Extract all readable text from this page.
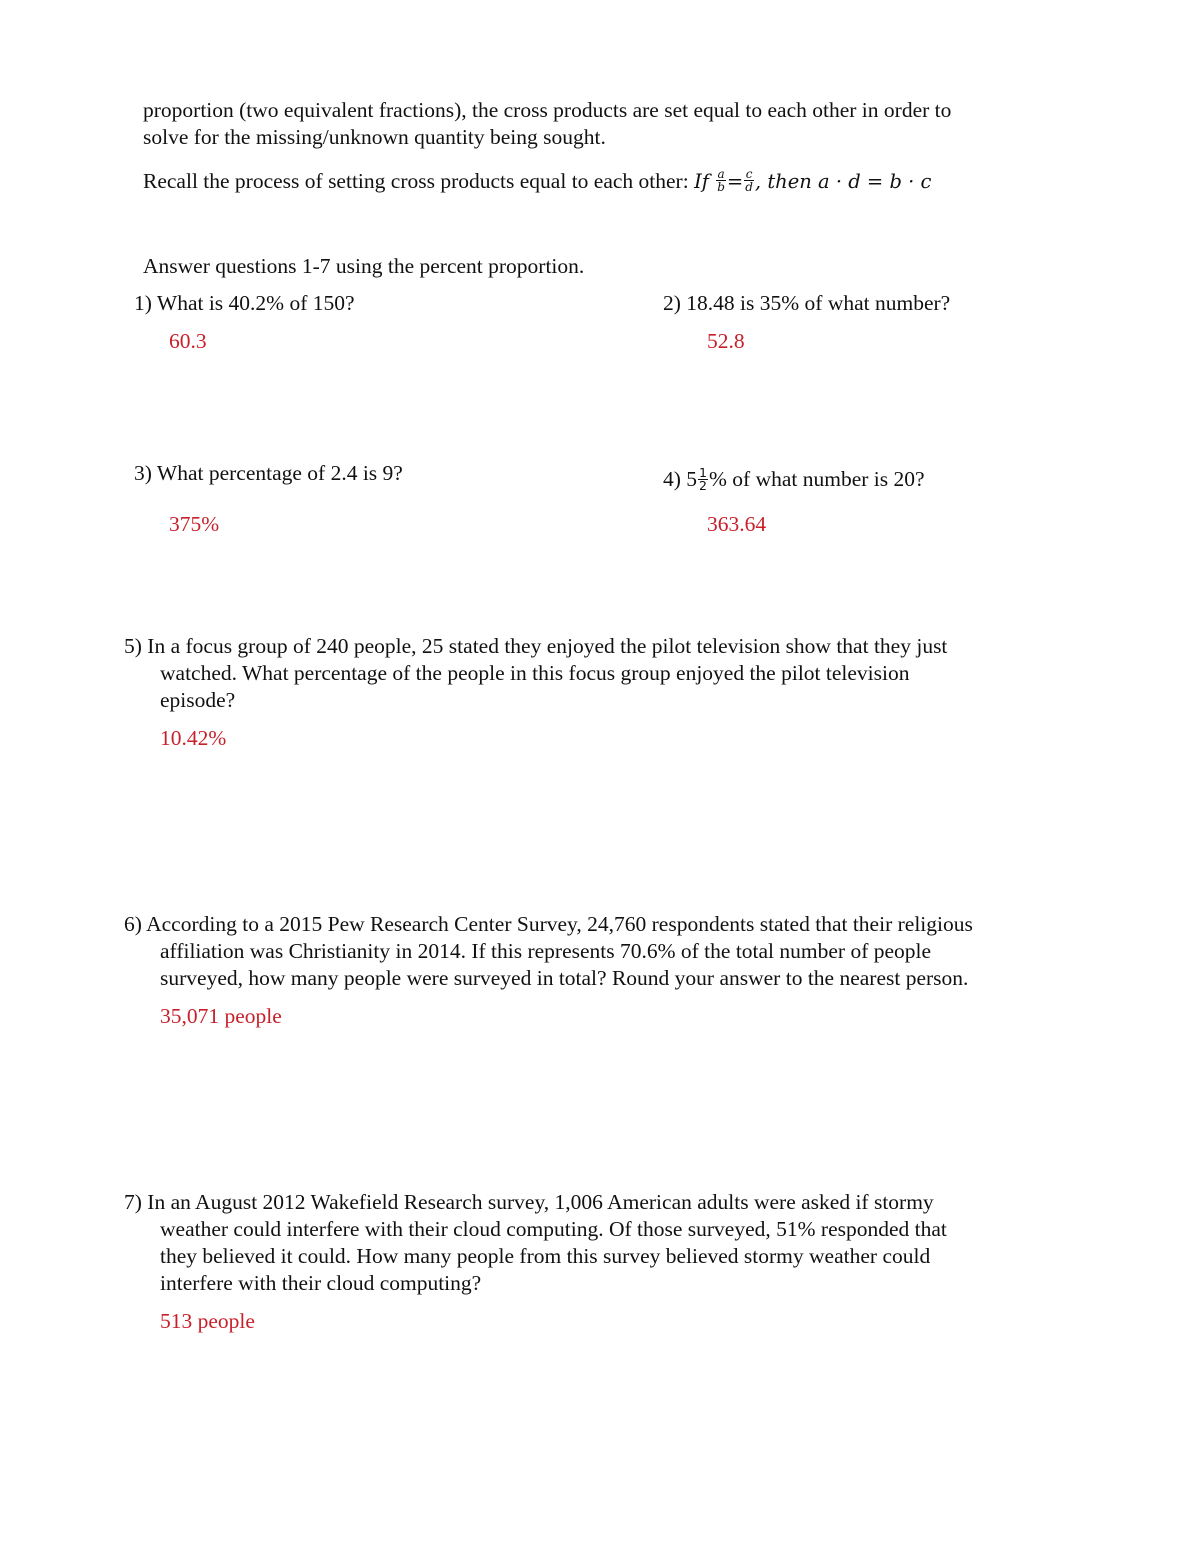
proportion (two equivalent fractions), the cross products are set equal to each other in order to

solve for the missing/unknown quantity being sought.

Recall the process of setting cross products equal to each other: If $\frac{a}{b} = \frac{c}{d}$ , then a · d = b · c

Answer questions 1-7 using the percent proportion.

1) What is 40.2% of 150?

60.3

2) 18.48 is 35% of what number?

52.8

3) What percentage of 2.4 is 9?

375%

4) $5 \frac{1}{2}$ % of what number is 20?

363.64

5) In a focus group of 240 people, 25 stated they enjoyed the pilot television show that they just

watched. What percentage of the people in this focus group enjoyed the pilot television

episode?

10.42%

6) According to a 2015 Pew Research Center Survey, 24,760 respondents stated that their religious

affiliation was Christianity in 2014. If this represents 70.6% of the total number of people

surveyed, how many people were surveyed in total? Round your answer to the nearest person.

35,071 people

7) In an August 2012 Wakefield Research survey, 1,006 American adults were asked if stormy

weather could interfere with their cloud computing. Of those surveyed, 51% responded that

they believed it could. How many people from this survey believed stormy weather could

interfere with their cloud computing?

513 people
